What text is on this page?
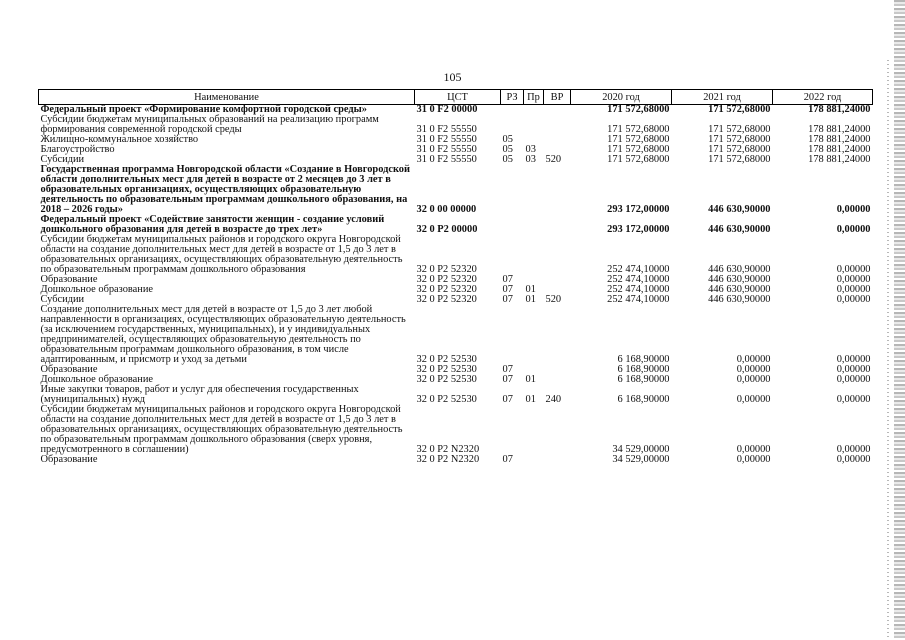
105
Наименование	ЦСТ	РЗ	Пр	ВР	2020 год	2021 год	2022 год
Федеральный проект «Формирование комфортной городской среды»	31 0 F2 00000				171 572,68000	171 572,68000	178 881,24000
Субсидии бюджетам муниципальных образований на реализацию программ формирования современной городской среды	31 0 F2 55550				171 572,68000	171 572,68000	178 881,24000
Жилищно-коммунальное хозяйство	31 0 F2 55550	05			171 572,68000	171 572,68000	178 881,24000
Благоустройство	31 0 F2 55550	05	03		171 572,68000	171 572,68000	178 881,24000
Субсидии	31 0 F2 55550	05	03	520	171 572,68000	171 572,68000	178 881,24000
Государственная программа Новгородской области «Создание в Новгородской области дополнительных мест для детей в возрасте от 2 месяцев до 3 лет в образовательных организациях, осуществляющих образовательную деятельность по образовательным программам дошкольного образования, на 2018 – 2026 годы»	32 0 00 00000				293 172,00000	446 630,90000	0,00000
Федеральный проект «Содействие занятости женщин - создание условий дошкольного образования для детей в возрасте до трех лет»	32 0 P2 00000				293 172,00000	446 630,90000	0,00000
Субсидии бюджетам муниципальных районов и городского округа Новгородской области на создание дополнительных мест для детей в возрасте от 1,5 до 3 лет в образовательных организациях, осуществляющих образовательную деятельность по образовательным программам дошкольного образования	32 0 P2 52320				252 474,10000	446 630,90000	0,00000
Образование	32 0 P2 52320	07			252 474,10000	446 630,90000	0,00000
Дошкольное образование	32 0 P2 52320	07	01		252 474,10000	446 630,90000	0,00000
Субсидии	32 0 P2 52320	07	01	520	252 474,10000	446 630,90000	0,00000
Создание дополнительных мест для детей в возрасте от 1,5 до 3 лет любой направленности в организациях, осуществляющих образовательную деятельность (за исключением государственных, муниципальных), и у индивидуальных предпринимателей, осуществляющих образовательную деятельность по образовательным программам дошкольного образования, в том числе адаптированным, и присмотр и уход за детьми	32 0 P2 52530				6 168,90000	0,00000	0,00000
Образование	32 0 P2 52530	07			6 168,90000	0,00000	0,00000
Дошкольное образование	32 0 P2 52530	07	01		6 168,90000	0,00000	0,00000
Иные закупки товаров, работ и услуг для обеспечения государственных (муниципальных) нужд	32 0 P2 52530	07	01	240	6 168,90000	0,00000	0,00000
Субсидии бюджетам муниципальных районов и городского округа Новгородской области на создание дополнительных мест для детей в возрасте от 1,5 до 3 лет в образовательных организациях, осуществляющих образовательную деятельность по образовательным программам дошкольного образования (сверх уровня, предусмотренного в соглашении)	32 0 P2 N2320				34 529,00000	0,00000	0,00000
Образование	32 0 P2 N2320	07			34 529,00000	0,00000	0,00000
